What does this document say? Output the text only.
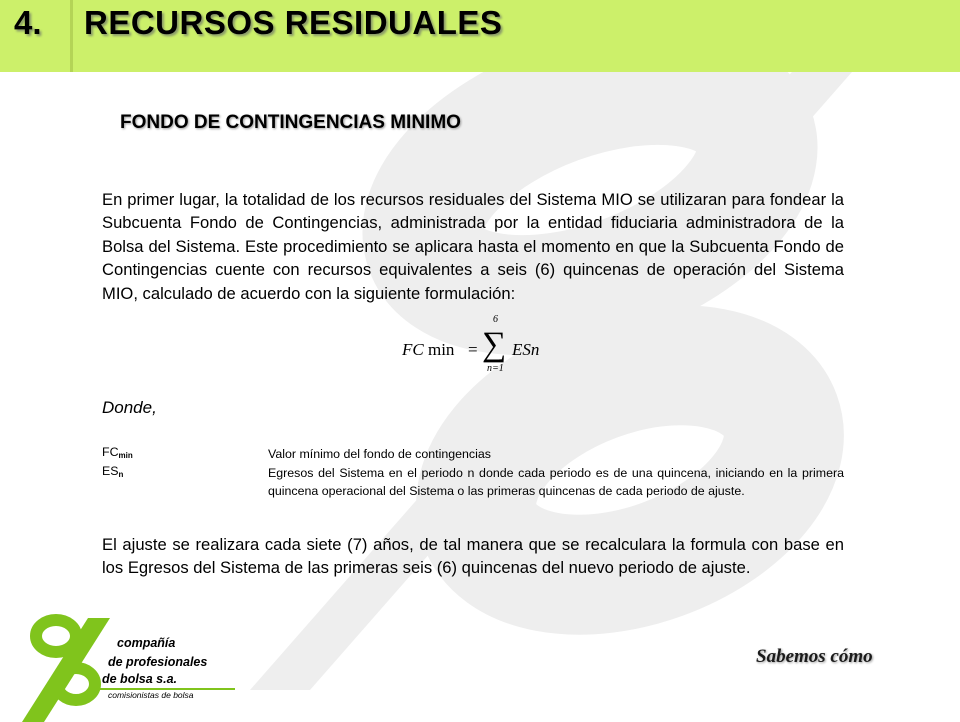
4. RECURSOS RESIDUALES
FONDO DE CONTINGENCIAS MINIMO
En primer lugar, la totalidad de los recursos residuales del Sistema MIO se utilizaran para fondear la Subcuenta Fondo de Contingencias, administrada por la entidad fiduciaria administradora de la Bolsa del Sistema. Este procedimiento se aplicara hasta el momento en que la Subcuenta Fondo de Contingencias cuente con recursos equivalentes a seis (6) quincenas de operación del Sistema MIO, calculado de acuerdo con la siguiente formulación:
FC min = ∑
6
n=1
ESn
Donde,
$FC_{min}$	Valor mínimo del fondo de contingencias
$ES_n$	Egresos del Sistema en el periodo n donde cada periodo es de una quincena, iniciando en la primera quincena operacional del Sistema o las primeras quincenas de cada periodo de ajuste.
El ajuste se realizara cada siete (7) años, de tal manera que se recalculara la formula con base en los Egresos del Sistema de las primeras seis (6) quincenas del nuevo periodo de ajuste.
compañía
de profesionales
de bolsa s.a.
comisionistas de bolsa
Sabemos cómo
